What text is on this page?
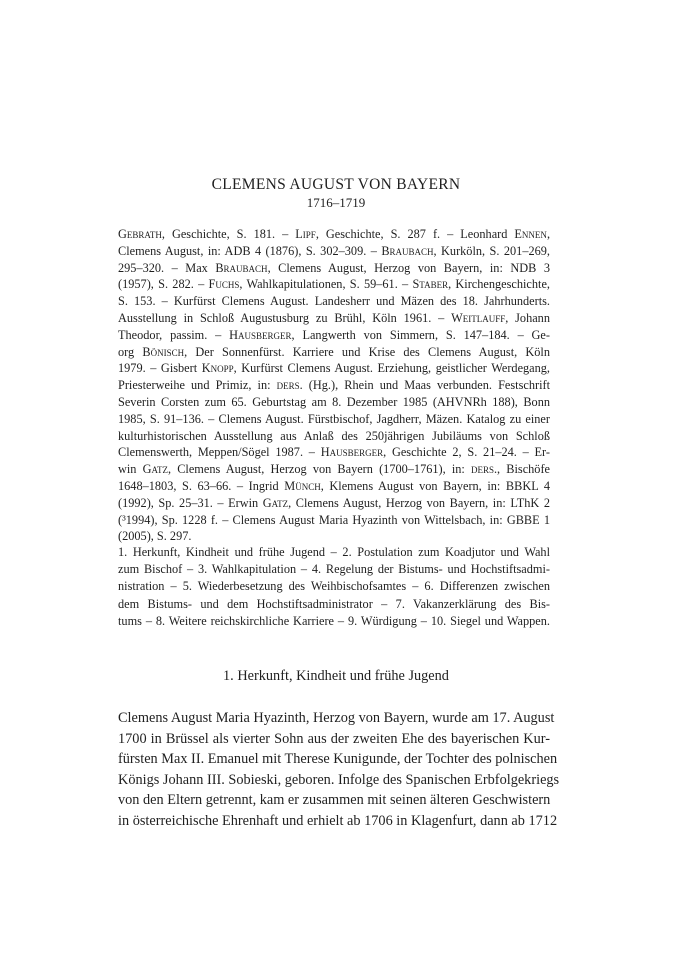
CLEMENS AUGUST VON BAYERN
1716–1719
Gebrath, Geschichte, S. 181. – Lipf, Geschichte, S. 287 f. – Leonhard Ennen,
Clemens August, in: ADB 4 (1876), S. 302–309. – Braubach, Kurköln, S. 201–269,
295–320. – Max Braubach, Clemens August, Herzog von Bayern, in: NDB 3
(1957), S. 282. – Fuchs, Wahlkapitulationen, S. 59–61. – Staber, Kirchengeschichte,
S. 153. – Kurfürst Clemens August. Landesherr und Mäzen des 18. Jahrhunderts.
Ausstellung in Schloß Augustusburg zu Brühl, Köln 1961. – Weitlauff, Johann
Theodor, passim. – Hausberger, Langwerth von Simmern, S. 147–184. – Ge-
org Bönisch, Der Sonnenfürst. Karriere und Krise des Clemens August, Köln
1979. – Gisbert Knopp, Kurfürst Clemens August. Erziehung, geistlicher Werdegang,
Priesterweihe und Primiz, in: ders. (Hg.), Rhein und Maas verbunden. Festschrift
Severin Corsten zum 65. Geburtstag am 8. Dezember 1985 (AHVNRh 188), Bonn
1985, S. 91–136. – Clemens August. Fürstbischof, Jagdherr, Mäzen. Katalog zu einer
kulturhistorischen Ausstellung aus Anlaß des 250jährigen Jubiläums von Schloß
Clemenswerth, Meppen/Sögel 1987. – Hausberger, Geschichte 2, S. 21–24. – Er-
win Gatz, Clemens August, Herzog von Bayern (1700–1761), in: ders., Bischöfe
1648–1803, S. 63–66. – Ingrid Münch, Klemens August von Bayern, in: BBKL 4
(1992), Sp. 25–31. – Erwin Gatz, Clemens August, Herzog von Bayern, in: LThK 2
(³1994), Sp. 1228 f. – Clemens August Maria Hyazinth von Wittelsbach, in: GBBE 1
(2005), S. 297.
1. Herkunft, Kindheit und frühe Jugend – 2. Postulation zum Koadjutor und Wahl
zum Bischof – 3. Wahlkapitulation – 4. Regelung der Bistums- und Hochstiftsadmi-
nistration – 5. Wiederbesetzung des Weihbischofsamtes – 6. Differenzen zwischen
dem Bistums- und dem Hochstiftsadministrator – 7. Vakanzerklärung des Bis-
tums – 8. Weitere reichskirchliche Karriere – 9. Würdigung – 10. Siegel und Wappen.
1. Herkunft, Kindheit und frühe Jugend
Clemens August Maria Hyazinth, Herzog von Bayern, wurde am 17. August
1700 in Brüssel als vierter Sohn aus der zweiten Ehe des bayerischen Kur-
fürsten Max II. Emanuel mit Therese Kunigunde, der Tochter des polnischen
Königs Johann III. Sobieski, geboren. Infolge des Spanischen Erbfolgekriegs
von den Eltern getrennt, kam er zusammen mit seinen älteren Geschwistern
in österreichische Ehrenhaft und erhielt ab 1706 in Klagenfurt, dann ab 1712
